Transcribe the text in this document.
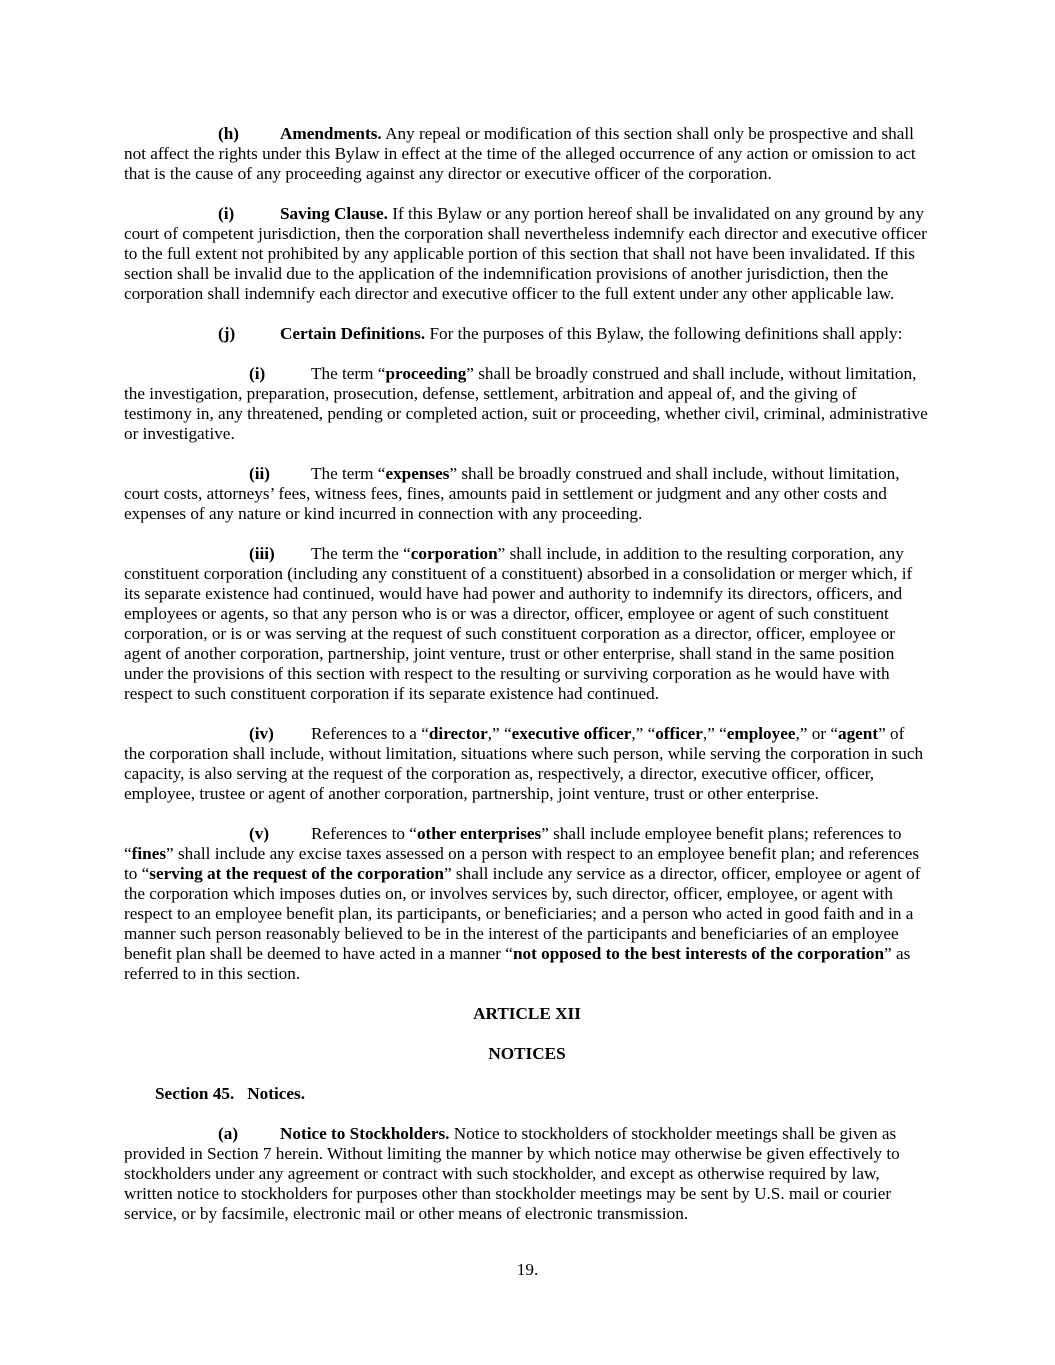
(h) Amendments. Any repeal or modification of this section shall only be prospective and shall
not affect the rights under this Bylaw in effect at the time of the alleged occurrence of any action or omission to act
that is the cause of any proceeding against any director or executive officer of the corporation.
(i)	Saving Clause. If this Bylaw or any portion hereof shall be invalidated on any ground by any
court of competent jurisdiction, then the corporation shall nevertheless indemnify each director and executive officer
to the full extent not prohibited by any applicable portion of this section that shall not have been invalidated. If this
section shall be invalid due to the application of the indemnification provisions of another jurisdiction, then the
corporation shall indemnify each director and executive officer to the full extent under any other applicable law.
(j)	Certain Definitions. For the purposes of this Bylaw, the following definitions shall apply:
(i)	The term “proceeding” shall be broadly construed and shall include, without limitation,
the investigation, preparation, prosecution, defense, settlement, arbitration and appeal of, and the giving of
testimony in, any threatened, pending or completed action, suit or proceeding, whether civil, criminal, administrative
or investigative.
(ii) The term “expenses” shall be broadly construed and shall include, without limitation,
court costs, attorneys’ fees, witness fees, fines, amounts paid in settlement or judgment and any other costs and
expenses of any nature or kind incurred in connection with any proceeding.
(iii) The term the “corporation” shall include, in addition to the resulting corporation, any
constituent corporation (including any constituent of a constituent) absorbed in a consolidation or merger which, if
its separate existence had continued, would have had power and authority to indemnify its directors, officers, and
employees or agents, so that any person who is or was a director, officer, employee or agent of such constituent
corporation, or is or was serving at the request of such constituent corporation as a director, officer, employee or
agent of another corporation, partnership, joint venture, trust or other enterprise, shall stand in the same position
under the provisions of this section with respect to the resulting or surviving corporation as he would have with
respect to such constituent corporation if its separate existence had continued.
(iv) References to a “director,” “executive officer,” “officer,” “employee,” or “agent” of
the corporation shall include, without limitation, situations where such person, while serving the corporation in such
capacity, is also serving at the request of the corporation as, respectively, a director, executive officer, officer,
employee, trustee or agent of another corporation, partnership, joint venture, trust or other enterprise.
(v) References to “other enterprises” shall include employee benefit plans; references to
“fines” shall include any excise taxes assessed on a person with respect to an employee benefit plan; and references
to “serving at the request of the corporation” shall include any service as a director, officer, employee or agent of
the corporation which imposes duties on, or involves services by, such director, officer, employee, or agent with
respect to an employee benefit plan, its participants, or beneficiaries; and a person who acted in good faith and in a
manner such person reasonably believed to be in the interest of the participants and beneficiaries of an employee
benefit plan shall be deemed to have acted in a manner “not opposed to the best interests of the corporation” as
referred to in this section.
ARTICLE XII
NOTICES
Section 45. Notices.
(a) Notice to Stockholders. Notice to stockholders of stockholder meetings shall be given as
provided in Section 7 herein. Without limiting the manner by which notice may otherwise be given effectively to
stockholders under any agreement or contract with such stockholder, and except as otherwise required by law,
written notice to stockholders for purposes other than stockholder meetings may be sent by U.S. mail or courier
service, or by facsimile, electronic mail or other means of electronic transmission.
19.
